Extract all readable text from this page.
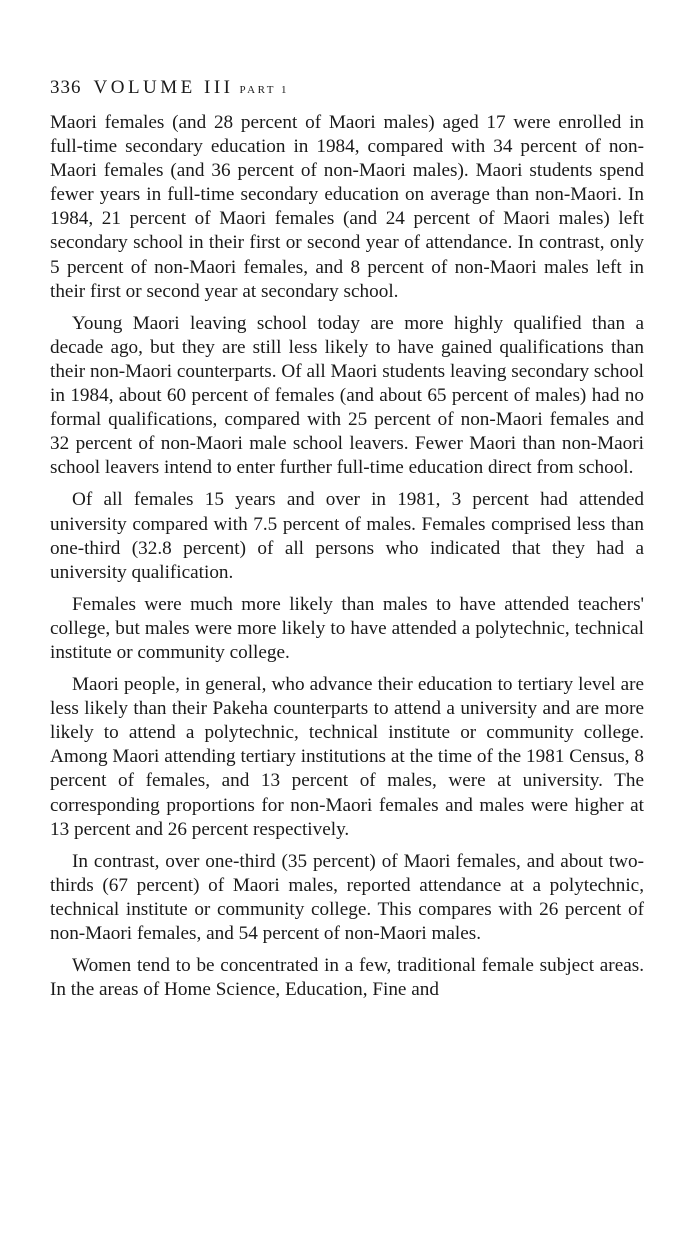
336 VOLUME III PART 1

Maori females (and 28 percent of Maori males) aged 17 were enrolled in full-time secondary education in 1984, compared with 34 percent of non-Maori females (and 36 percent of non-Maori males). Maori students spend fewer years in full-time secondary education on average than non-Maori. In 1984, 21 percent of Maori females (and 24 percent of Maori males) left secondary school in their first or second year of attendance. In contrast, only 5 percent of non-Maori females, and 8 percent of non-Maori males left in their first or second year at secondary school.

Young Maori leaving school today are more highly qualified than a decade ago, but they are still less likely to have gained qualifications than their non-Maori counterparts. Of all Maori students leaving secondary school in 1984, about 60 percent of females (and about 65 percent of males) had no formal qualifications, compared with 25 percent of non-Maori females and 32 percent of non-Maori male school leavers. Fewer Maori than non-Maori school leavers intend to enter further full-time education direct from school.

Of all females 15 years and over in 1981, 3 percent had attended university compared with 7.5 percent of males. Females comprised less than one-third (32.8 percent) of all persons who indicated that they had a university qualification.

Females were much more likely than males to have attended teachers' college, but males were more likely to have attended a polytechnic, technical institute or community college.

Maori people, in general, who advance their education to tertiary level are less likely than their Pakeha counterparts to attend a university and are more likely to attend a polytechnic, technical institute or community college. Among Maori attending tertiary institutions at the time of the 1981 Census, 8 percent of females, and 13 percent of males, were at university. The corresponding proportions for non-Maori females and males were higher at 13 percent and 26 percent respectively.

In contrast, over one-third (35 percent) of Maori females, and about two-thirds (67 percent) of Maori males, reported attendance at a polytechnic, technical institute or community college. This compares with 26 percent of non-Maori females, and 54 percent of non-Maori males.

Women tend to be concentrated in a few, traditional female subject areas. In the areas of Home Science, Education, Fine and
